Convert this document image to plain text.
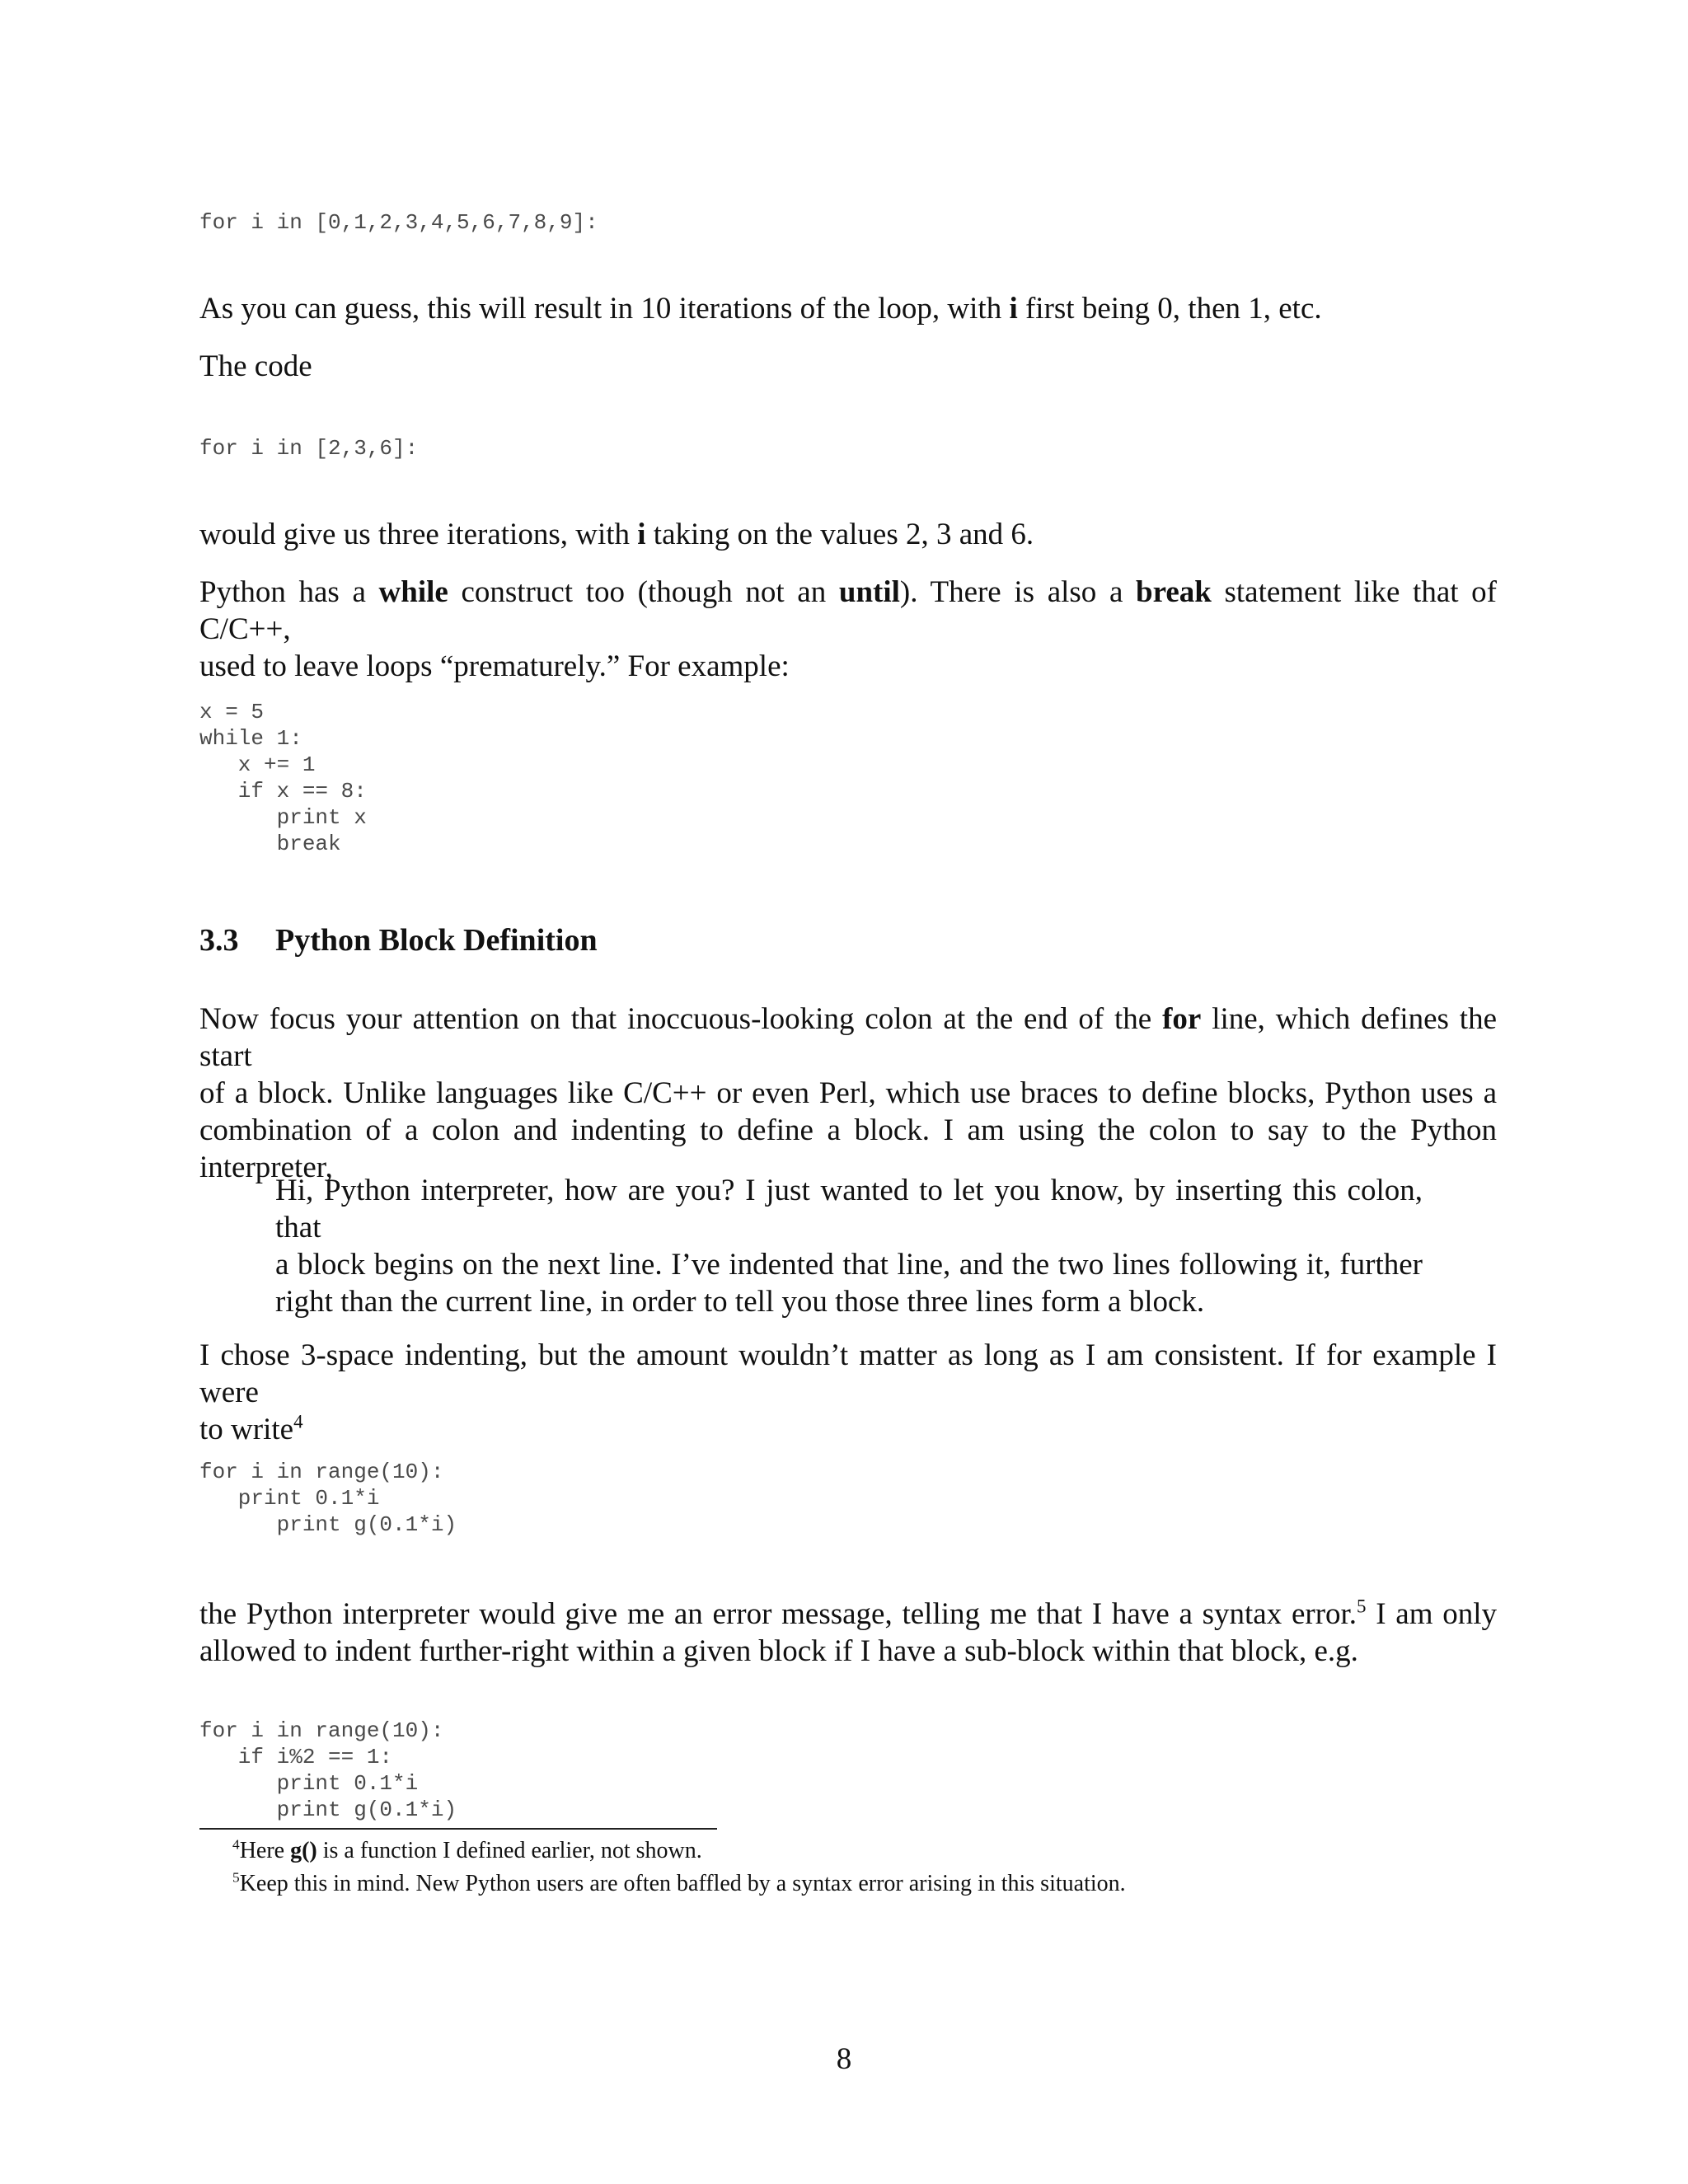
for i in [0,1,2,3,4,5,6,7,8,9]:

As you can guess, this will result in 10 iterations of the loop, with i first being 0, then 1, etc.

The code

for i in [2,3,6]:

would give us three iterations, with i taking on the values 2, 3 and 6.

Python has a while construct too (though not an until). There is also a break statement like that of C/C++,

used to leave loops “prematurely.” For example:

x = 5
while 1:
x += 1
if x == 8:
print x
break
3.3 Python Block Definition

Now focus your attention on that inoccuous-looking colon at the end of the for line, which defines the start

of a block. Unlike languages like C/C++ or even Perl, which use braces to define blocks, Python uses a

combination of a colon and indenting to define a block. I am using the colon to say to the Python interpreter,

Hi, Python interpreter, how are you? I just wanted to let you know, by inserting this colon, that

a block begins on the next line. I’ve indented that line, and the two lines following it, further

right than the current line, in order to tell you those three lines form a block.

I chose 3-space indenting, but the amount wouldn’t matter as long as I am consistent. If for example I were

to write$^4$

for i in range(10):
print 0.1*i
print g(0.1*i)

the Python interpreter would give me an error message, telling me that I have a syntax error.$^5$ I am only

allowed to indent further-right within a given block if I have a sub-block within that block, e.g.

for i in range(10):
if i%2 == 1:
print 0.1*i
print g(0.1*i)

$^4$Here g() is a function I defined earlier, not shown.

$^5$Keep this in mind. New Python users are often baffled by a syntax error arising in this situation.

8
